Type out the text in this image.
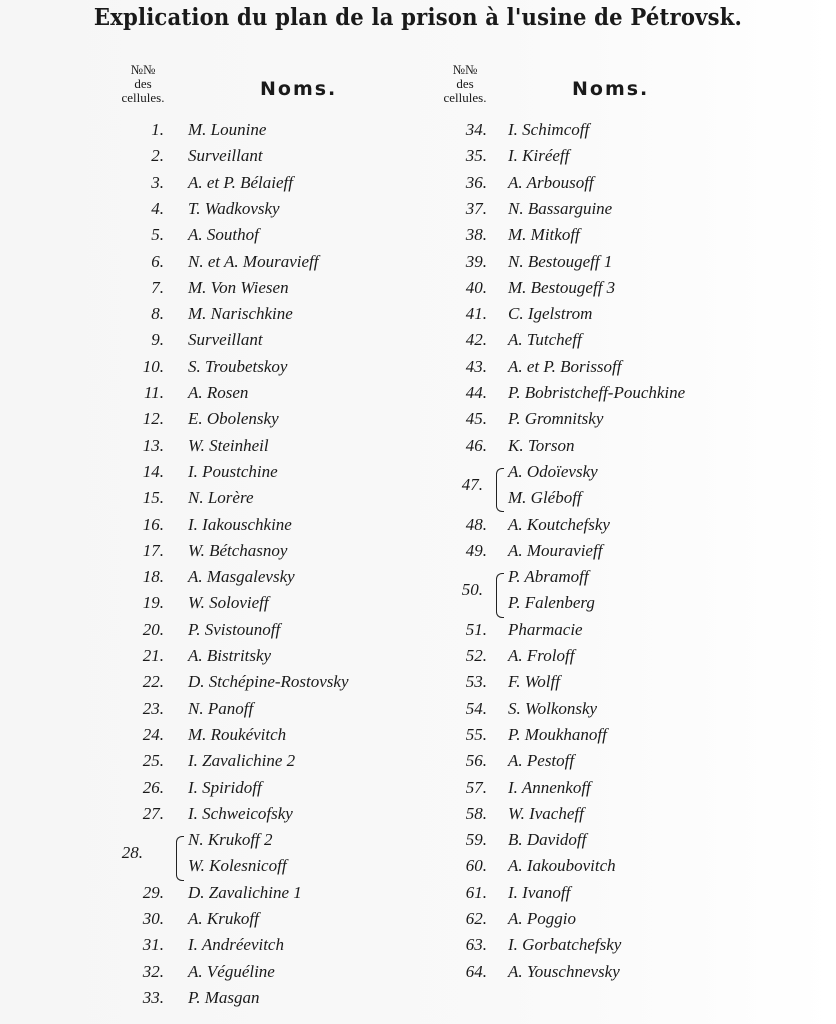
Explication du plan de la prison à l'usine de Pétrovsk.
№№
des
cellules.	Noms.
№№
des
cellules.	Noms.
1. M. Lounine
2. Surveillant
3. A. et P. Bélaieff
4. T. Wadkovsky
5. A. Southof
6. N. et A. Mouravieff
7. M. Von Wiesen
8. M. Narischkine
9. Surveillant
10. S. Troubetskoy
11. A. Rosen
12. E. Obolensky
13. W. Steinheil
14. I. Poustchine
15. N. Lorère
16. I. Iakouschkine
17. W. Bétchasnoy
18. A. Masgalevsky
19. W. Solovieff
20. P. Svistounoff
21. A. Bistritsky
22. D. Stchépine-Rostovsky
23. N. Panoff
24. M. Roukévitch
25. I. Zavalichine 2
26. I. Spiridoff
27. I. Schweicofsky
28.
N. Krukoff 2
W. Kolesnicoff
29. D. Zavalichine 1
30. A. Krukoff
31. I. Andréevitch
32. A. Véguéline
33. P. Masgan
34. I. Schimcoff
35. I. Kiréeff
36. A. Arbousoff
37. N. Bassarguine
38. M. Mitkoff
39. N. Bestougeff 1
40. M. Bestougeff 3
41. C. Igelstrom
42. A. Tutcheff
43. A. et P. Borissoff
44. P. Bobristcheff-Pouchkine
45. P. Gromnitsky
46. K. Torson
47.
A. Odoïevsky
M. Gléboff
48. A. Koutchefsky
49. A. Mouravieff
50.
P. Abramoff
P. Falenberg
51. Pharmacie
52. A. Froloff
53. F. Wolff
54. S. Wolkonsky
55. P. Moukhanoff
56. A. Pestoff
57. I. Annenkoff
58. W. Ivacheff
59. B. Davidoff
60. A. Iakoubovitch
61. I. Ivanoff
62. A. Poggio
63. I. Gorbatchefsky
64. A. Youschnevsky
